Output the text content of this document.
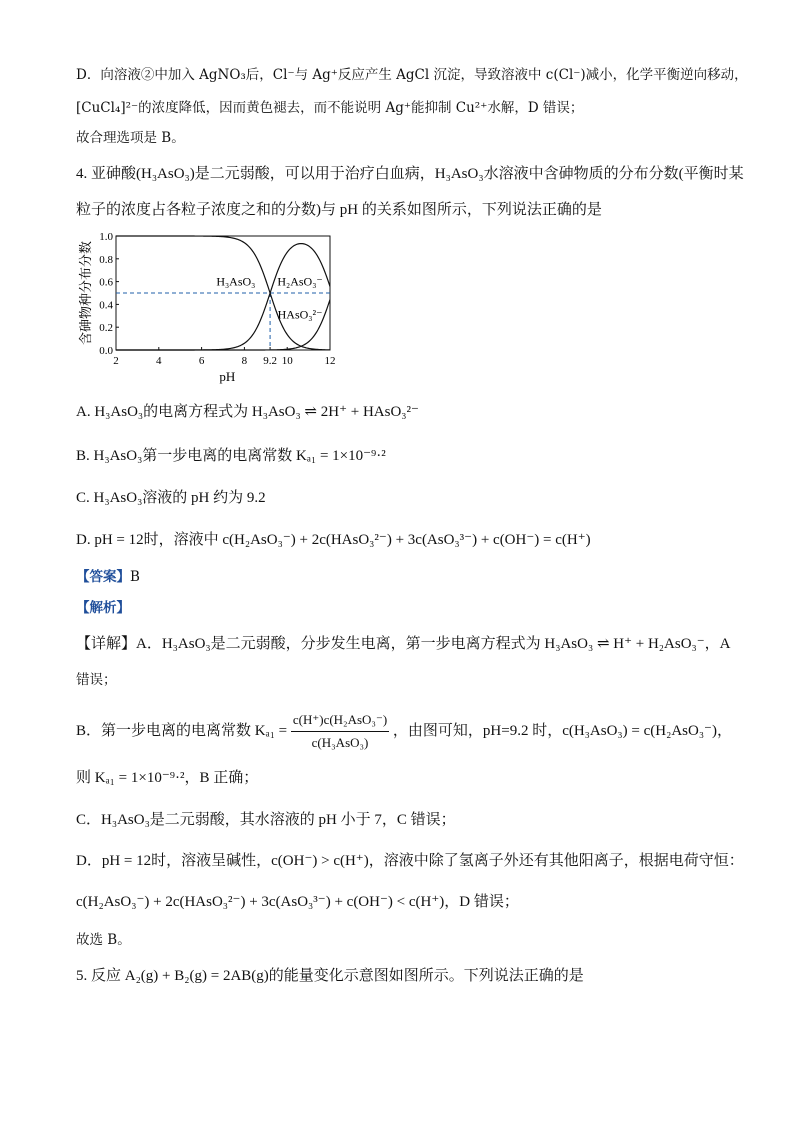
D．向溶液②中加入 AgNO₃后，Cl⁻与 Ag⁺反应产生 AgCl 沉淀，导致溶液中 c(Cl⁻)减小，化学平衡逆向移动，
[CuCl₄]²⁻的浓度降低，因而黄色褪去，而不能说明 Ag⁺能抑制 Cu²⁺水解，D 错误；
故合理选项是 B。
4. 亚砷酸(H₃AsO₃)是二元弱酸，可以用于治疗白血病，H₃AsO₃水溶液中含砷物质的分布分数(平衡时某
粒子的浓度占各粒子浓度之和的分数)与 pH 的关系如图所示，下列说法正确的是
0.0
0.2
0.4
0.6
0.8
1.0
2	4	6	8 9.2 10	12
含砷物种分布分数
pH
H₃AsO₃ H₂AsO₃⁻
HAsO₃²⁻
A. H₃AsO₃的电离方程式为 H₃AsO₃ ⇌ 2H⁺ + HAsO₃²⁻
B. H₃AsO₃第一步电离的电离常数 Kₐ₁ = 1×10⁻⁹·²
C. H₃AsO₃溶液的 pH 约为 9.2
D. pH = 12时，溶液中 c(H₂AsO₃⁻) + 2c(HAsO₃²⁻) + 3c(AsO₃³⁻) + c(OH⁻) = c(H⁺)
【答案】B
【解析】
【详解】A．H₃AsO₃是二元弱酸，分步发生电离，第一步电离方程式为 H₃AsO₃ ⇌ H⁺ + H₂AsO₃⁻，A
错误；
B．第一步电离的电离常数 $K_{a1} = \frac{\text{c(H⁺)c(H₂AsO₃⁻)}}{\text{c(H₃AsO₃)}}$ ，由图可知，pH=9.2 时，c(H₃AsO₃) = c(H₂AsO₃⁻)，
则 Kₐ₁ = 1×10⁻⁹·²，B 正确；
C．H₃AsO₃是二元弱酸，其水溶液的 pH 小于 7，C 错误；
D．pH = 12时，溶液呈碱性，c(OH⁻) > c(H⁺)，溶液中除了氢离子外还有其他阳离子，根据电荷守恒：
c(H₂AsO₃⁻) + 2c(HAsO₃²⁻) + 3c(AsO₃³⁻) + c(OH⁻) < c(H⁺)，D 错误；
故选 B。
5. 反应 A₂(g) + B₂(g) = 2AB(g)的能量变化示意图如图所示。下列说法正确的是
